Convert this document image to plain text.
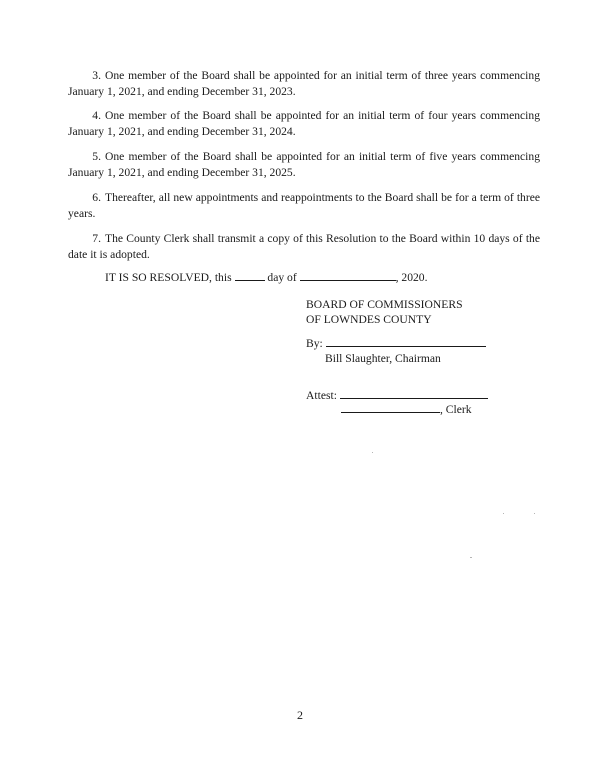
3. One member of the Board shall be appointed for an initial term of three years commencing January 1, 2021, and ending December 31, 2023.

4. One member of the Board shall be appointed for an initial term of four years commencing January 1, 2021, and ending December 31, 2024.

5. One member of the Board shall be appointed for an initial term of five years commencing January 1, 2021, and ending December 31, 2025.

6. Thereafter, all new appointments and reappointments to the Board shall be for a term of three years.

7. The County Clerk shall transmit a copy of this Resolution to the Board within 10 days of the date it is adopted.

IT IS SO RESOLVED, this	day of	, 2020.

BOARD OF COMMISSIONERS

OF LOWNDES COUNTY

By:

Bill Slaughter, Chairman

Attest:

, Clerk

2
